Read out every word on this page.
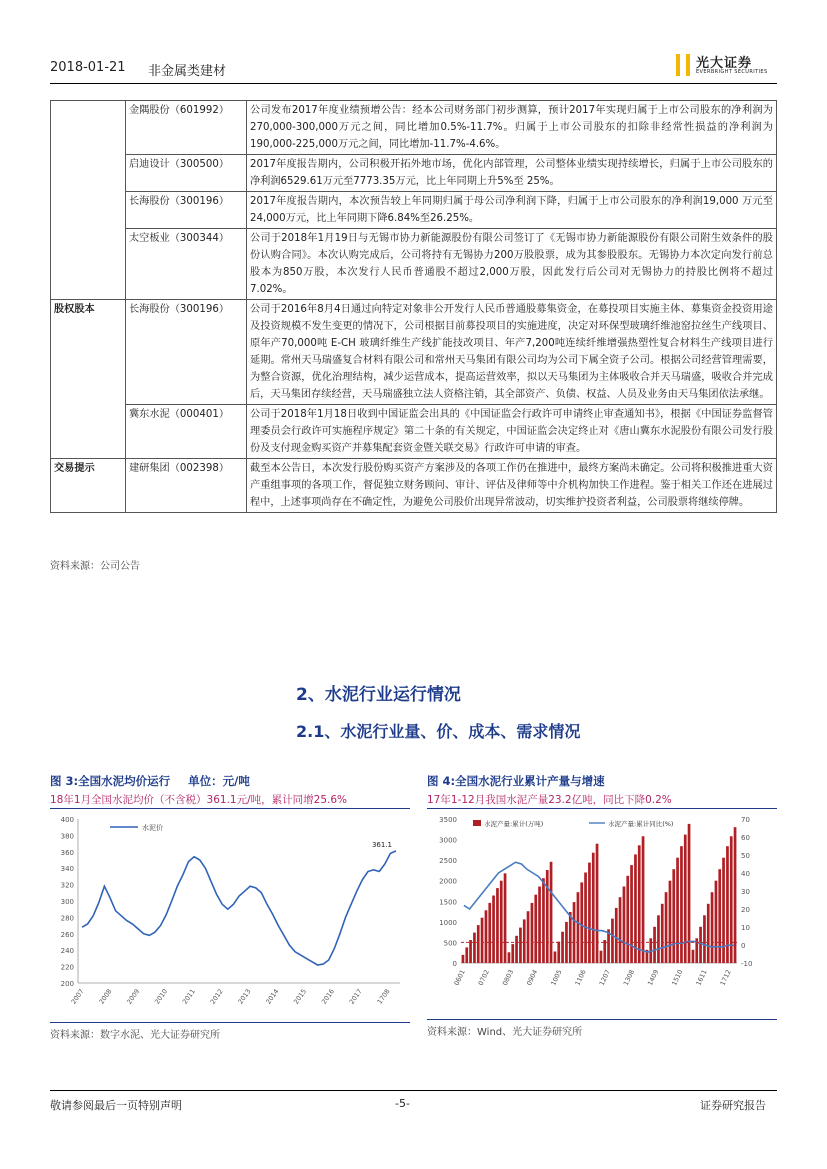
2018-01-21 非金属类建材
光大证券
EVERBRIGHT SECURITIES
	金隅股份（601992）	公司发布2017年度业绩预增公告：经本公司财务部门初步测算，预计2017年实现归属于上市公司股东的净利润为270,000-300,000万元之间，同比增加0.5%-11.7%。归属于上市公司股东的扣除非经常性损益的净利润为190,000-225,000万元之间，同比增加-11.7%-4.6%。
	启迪设计（300500）	2017年度报告期内，公司积极开拓外地市场，优化内部管理，公司整体业绩实现持续增长，归属于上市公司股东的净利润6529.61万元至7773.35万元，比上年同期上升5%至 25%。
	长海股份（300196）	2017年度报告期内，本次预告较上年同期归属于母公司净利润下降，归属于上市公司股东的净利润19,000 万元至24,000万元，比上年同期下降6.84%至26.25%。
	太空板业（300344）	公司于2018年1月19日与无锡市协力新能源股份有限公司签订了《无锡市协力新能源股份有限公司附生效条件的股份认购合同》。本次认购完成后，公司将持有无锡协力200万股股票，成为其参股股东。无锡协力本次定向发行前总股本为850万股，本次发行人民币普通股不超过2,000万股，因此发行后公司对无锡协力的持股比例将不超过7.02%。
股权股本	长海股份（300196）	公司于2016年8月4日通过向特定对象非公开发行人民币普通股募集资金，在募投项目实施主体、募集资金投资用途及投资规模不发生变更的情况下，公司根据目前募投项目的实施进度，决定对环保型玻璃纤维池窑拉丝生产线项目、原年产70,000吨 E-CH 玻璃纤维生产线扩能技改项目、年产7,200吨连续纤维增强热塑性复合材料生产线项目进行延期。常州天马瑞盛复合材料有限公司和常州天马集团有限公司均为公司下属全资子公司。根据公司经营管理需要，为整合资源，优化治理结构，减少运营成本，提高运营效率，拟以天马集团为主体吸收合并天马瑞盛，吸收合并完成后，天马集团存续经营，天马瑞盛独立法人资格注销，其全部资产、负债、权益、人员及业务由天马集团依法承继。
	冀东水泥（000401）	公司于2018年1月18日收到中国证监会出具的《中国证监会行政许可申请终止审查通知书》，根据《中国证券监督管理委员会行政许可实施程序规定》第二十条的有关规定，中国证监会决定终止对《唐山冀东水泥股份有限公司发行股份及支付现金购买资产并募集配套资金暨关联交易》行政许可申请的审查。
交易提示	建研集团（002398）	截至本公告日，本次发行股份购买资产方案涉及的各项工作仍在推进中，最终方案尚未确定。公司将积极推进重大资产重组事项的各项工作，督促独立财务顾问、审计、评估及律师等中介机构加快工作进程。鉴于相关工作还在进展过程中，上述事项尚存在不确定性，为避免公司股价出现异常波动，切实维护投资者利益，公司股票将继续停牌。
资料来源：公司公告
2、水泥行业运行情况
2.1、水泥行业量、价、成本、需求情况
图 3:全国水泥均价运行 单位：元/吨
18年1月全国水泥均价（不含税）361.1元/吨，累计同增25.6%
200
220
240
260
280
300
320
340
360
380
400
水泥价
361.1
2007 2008 2009 2010 2011 2012 2013 2014 2015 2016 2017 1708
资料来源：数字水泥、光大证券研究所
图 4:全国水泥行业累计产量与增速
17年1-12月我国水泥产量23.2亿吨，同比下降0.2%
0
500
1000
1500
2000
2500
3000
3500
-10
0
10
20
30
40
50
60
70
水泥产量:累计(万吨)	水泥产量:累计同比(%)
0601 0702 0803 0904 1005 1106 1207 1308 1409 1510 1611 1712
资料来源：Wind、光大证券研究所
敬请参阅最后一页特别声明	-5-	证券研究报告
